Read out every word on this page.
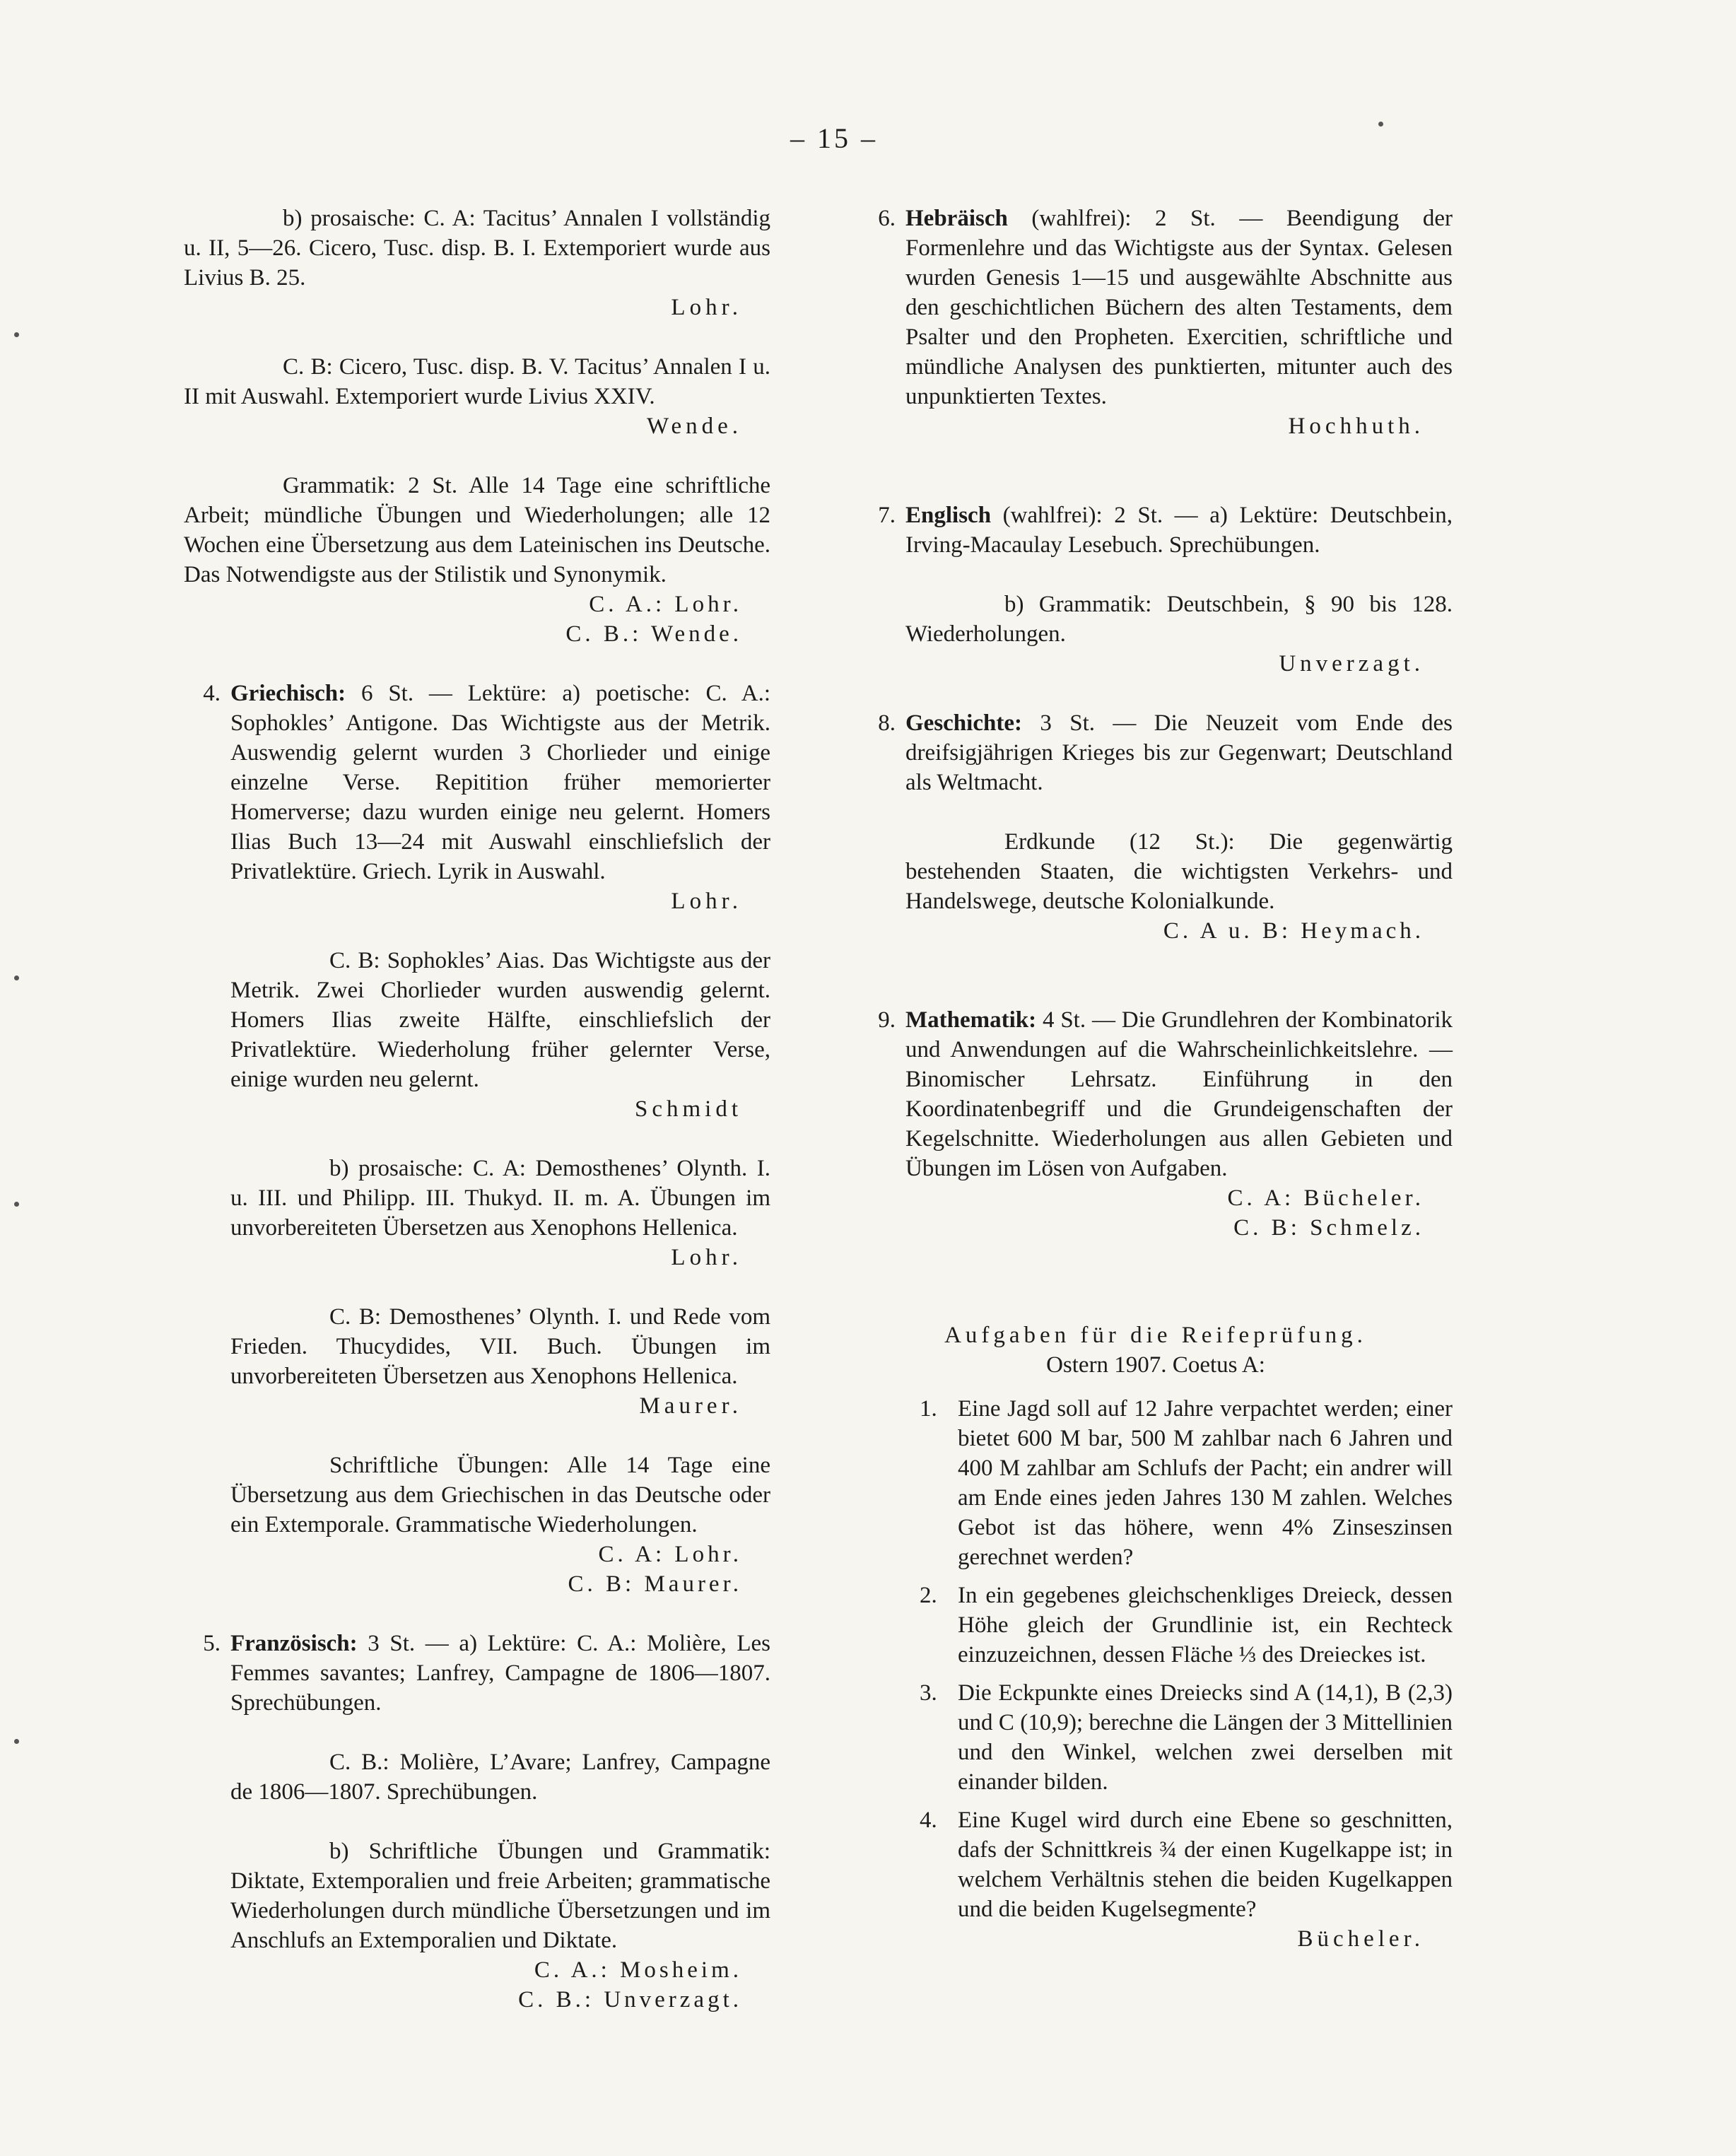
– 15 –

b) prosaische: C. A: Tacitus’ Annalen I vollständig u. II, 5—26. Cicero, Tusc. disp. B. I. Extemporiert wurde aus Livius B. 25.
Lohr.

C. B: Cicero, Tusc. disp. B. V. Tacitus’ Annalen I u. II mit Auswahl. Extemporiert wurde Livius XXIV.
Wende.

Grammatik: 2 St. Alle 14 Tage eine schriftliche Arbeit; mündliche Übungen und Wiederholungen; alle 12 Wochen eine Übersetzung aus dem Lateinischen ins Deutsche. Das Notwendigste aus der Stilistik und Synonymik.

C. A.: Lohr.
C. B.: Wende.
4. Griechisch: 6 St. — Lektüre: a) poetische: C. A.: Sophokles’ Antigone. Das Wichtigste aus der Metrik. Auswendig gelernt wurden 3 Chorlieder und einige einzelne Verse. Repitition früher memorierter Homerverse; dazu wurden einige neu gelernt. Homers Ilias Buch 13—24 mit Auswahl einschliefslich der Privatlektüre. Griech. Lyrik in Auswahl.
Lohr.

C. B: Sophokles’ Aias. Das Wichtigste aus der Metrik. Zwei Chorlieder wurden auswendig gelernt. Homers Ilias zweite Hälfte, einschliefslich der Privatlektüre. Wiederholung früher gelernter Verse, einige wurden neu gelernt.
Schmidt

b) prosaische: C. A: Demosthenes’ Olynth. I. u. III. und Philipp. III. Thukyd. II. m. A. Übungen im unvorbereiteten Übersetzen aus Xenophons Hellenica.
Lohr.

C. B: Demosthenes’ Olynth. I. und Rede vom Frieden. Thucydides, VII. Buch. Übungen im unvorbereiteten Übersetzen aus Xenophons Hellenica.
Maurer.

Schriftliche Übungen: Alle 14 Tage eine Übersetzung aus dem Griechischen in das Deutsche oder ein Extemporale. Grammatische Wiederholungen.

C. A: Lohr.
C. B: Maurer.
5. Französisch: 3 St. — a) Lektüre: C. A.: Molière, Les Femmes savantes; Lanfrey, Campagne de 1806—1807. Sprechübungen.

C. B.: Molière, L’Avare; Lanfrey, Campagne de 1806—1807. Sprechübungen.

b) Schriftliche Übungen und Grammatik: Diktate, Extemporalien und freie Arbeiten; grammatische Wiederholungen durch mündliche Übersetzungen und im Anschlufs an Extemporalien und Diktate.

C. A.: Mosheim.
C. B.: Unverzagt.
6. Hebräisch (wahlfrei): 2 St. — Beendigung der Formenlehre und das Wichtigste aus der Syntax. Gelesen wurden Genesis 1—15 und ausgewählte Abschnitte aus den geschichtlichen Büchern des alten Testaments, dem Psalter und den Propheten. Exercitien, schriftliche und mündliche Analysen des punktierten, mitunter auch des unpunktierten Textes.
Hochhuth.
7. Englisch (wahlfrei): 2 St. — a) Lektüre: Deutschbein, Irving-Macaulay Lesebuch. Sprechübungen.

b) Grammatik: Deutschbein, § 90 bis 128. Wiederholungen.
Unverzagt.

8. Geschichte: 3 St. — Die Neuzeit vom Ende des dreifsigjährigen Krieges bis zur Gegenwart; Deutschland als Weltmacht.

Erdkunde (12 St.): Die gegenwärtig bestehenden Staaten, die wichtigsten Verkehrs- und Handelswege, deutsche Kolonialkunde.

C. A u. B: Heymach.
9. Mathematik: 4 St. — Die Grundlehren der Kombinatorik und Anwendungen auf die Wahrscheinlichkeitslehre. — Binomischer Lehrsatz. Einführung in den Koordinatenbegriff und die Grundeigenschaften der Kegelschnitte. Wiederholungen aus allen Gebieten und Übungen im Lösen von Aufgaben.
C. A: Bücheler.
C. B: Schmelz.
Aufgaben für die Reifeprüfung.
Ostern 1907. Coetus A:
1. Eine Jagd soll auf 12 Jahre verpachtet werden; einer bietet 600 M bar, 500 M zahlbar nach 6 Jahren und 400 M zahlbar am Schlufs der Pacht; ein andrer will am Ende eines jeden Jahres 130 M zahlen. Welches Gebot ist das höhere, wenn 4% Zinseszinsen gerechnet werden?
2. In ein gegebenes gleichschenkliges Dreieck, dessen Höhe gleich der Grundlinie ist, ein Rechteck einzuzeichnen, dessen Fläche ⅓ des Dreieckes ist.
3. Die Eckpunkte eines Dreiecks sind A (14,1), B (2,3) und C (10,9); berechne die Längen der 3 Mittellinien und den Winkel, welchen zwei derselben mit einander bilden.
4. Eine Kugel wird durch eine Ebene so geschnitten, dafs der Schnittkreis ¾ der einen Kugelkappe ist; in welchem Verhältnis stehen die beiden Kugelkappen und die beiden Kugelsegmente?
Bücheler.
